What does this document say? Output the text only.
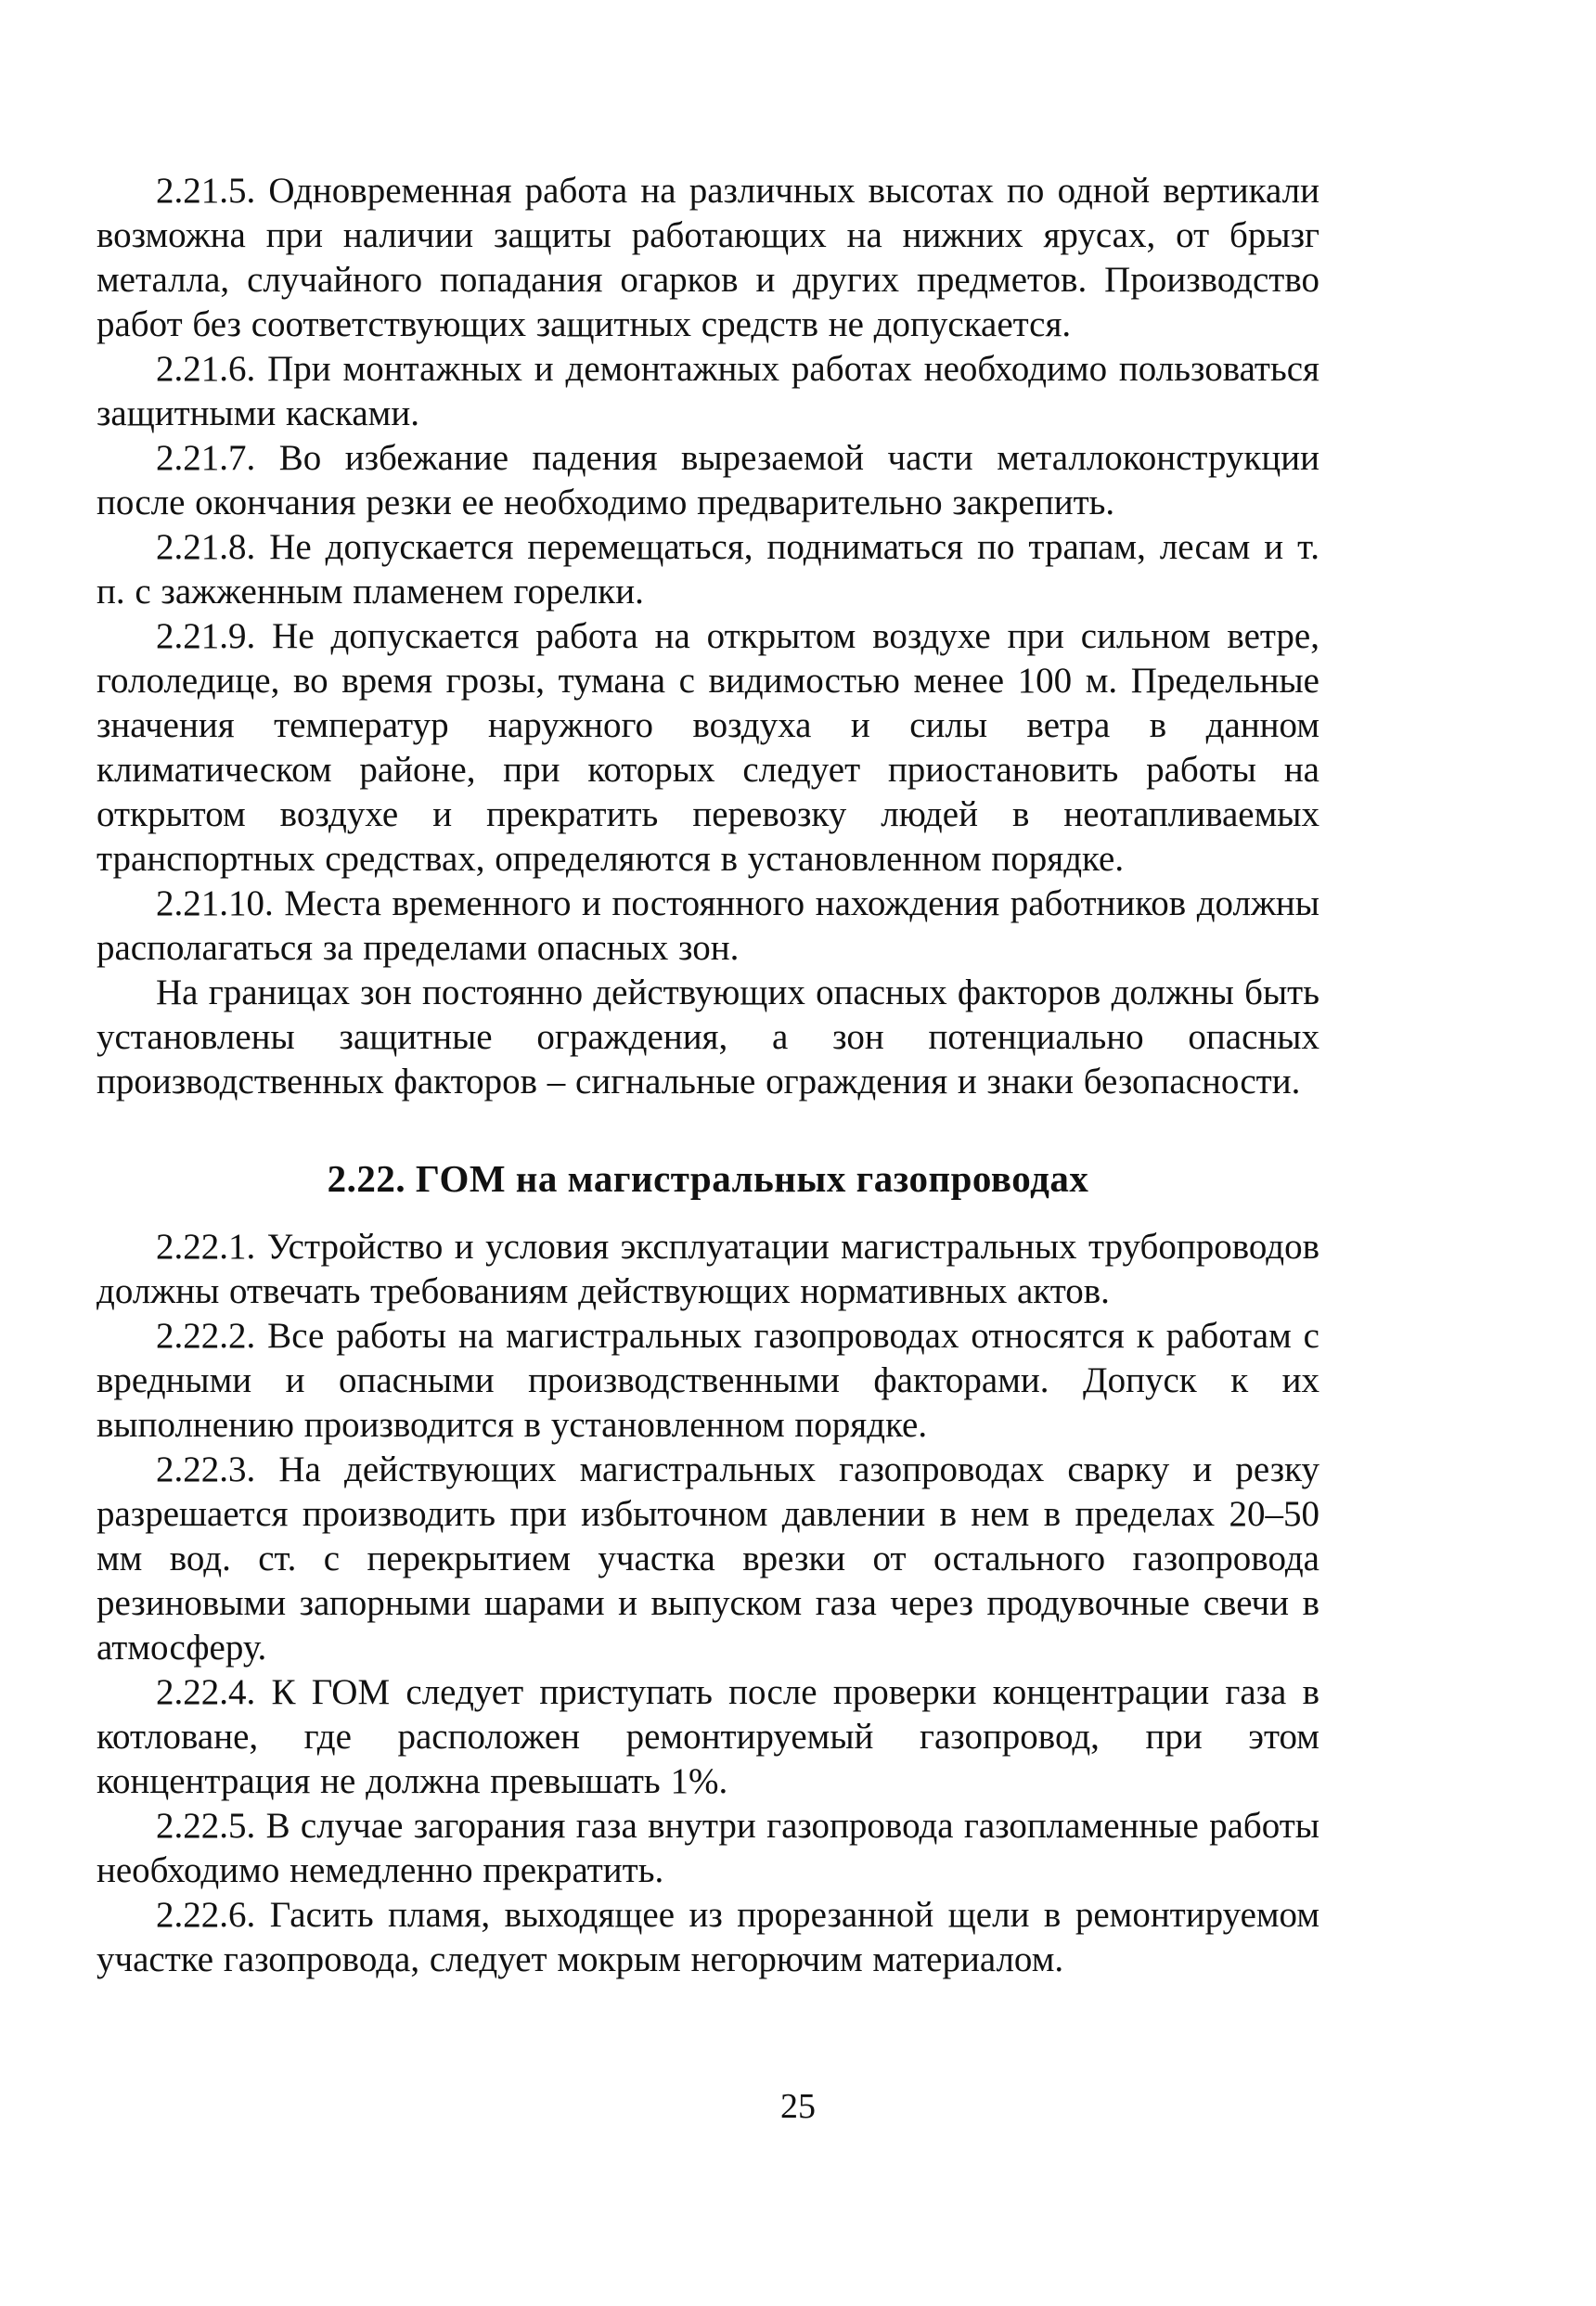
2.21.5. Одновременная работа на различных высотах по одной вертикали возможна при наличии защиты работающих на нижних ярусах, от брызг металла, случайного попадания огарков и других предметов. Производство работ без соответствующих защитных средств не допускается.

2.21.6. При монтажных и демонтажных работах необходимо пользоваться защитными касками.

2.21.7. Во избежание падения вырезаемой части металлоконструкции после окончания резки ее необходимо предварительно закрепить.

2.21.8. Не допускается перемещаться, подниматься по трапам, лесам и т. п. с зажженным пламенем горелки.

2.21.9. Не допускается работа на открытом воздухе при сильном ветре, гололедице, во время грозы, тумана с видимостью менее 100 м. Предельные значения температур наружного воздуха и силы ветра в данном климатическом районе, при которых следует приостановить работы на открытом воздухе и прекратить перевозку людей в неотапливаемых транспортных средствах, определяются в установленном порядке.

2.21.10. Места временного и постоянного нахождения работников должны располагаться за пределами опасных зон.

На границах зон постоянно действующих опасных факторов должны быть установлены защитные ограждения, а зон потенциально опасных производственных факторов – сигнальные ограждения и знаки безопасности.

2.22. ГОМ на магистральных газопроводах

2.22.1. Устройство и условия эксплуатации магистральных трубопроводов должны отвечать требованиям действующих нормативных актов.

2.22.2. Все работы на магистральных газопроводах относятся к работам с вредными и опасными производственными факторами. Допуск к их выполнению производится в установленном порядке.

2.22.3. На действующих магистральных газопроводах сварку и резку разрешается производить при избыточном давлении в нем в пределах 20–50 мм вод. ст. с перекрытием участка врезки от остального газопровода резиновыми запорными шарами и выпуском газа через продувочные свечи в атмосферу.

2.22.4. К ГОМ следует приступать после проверки концентрации газа в котловане, где расположен ремонтируемый газопровод, при этом концентрация не должна превышать 1%.

2.22.5. В случае загорания газа внутри газопровода газопламенные работы необходимо немедленно прекратить.

2.22.6. Гасить пламя, выходящее из прорезанной щели в ремонтируемом участке газопровода, следует мокрым негорючим материалом.

25
